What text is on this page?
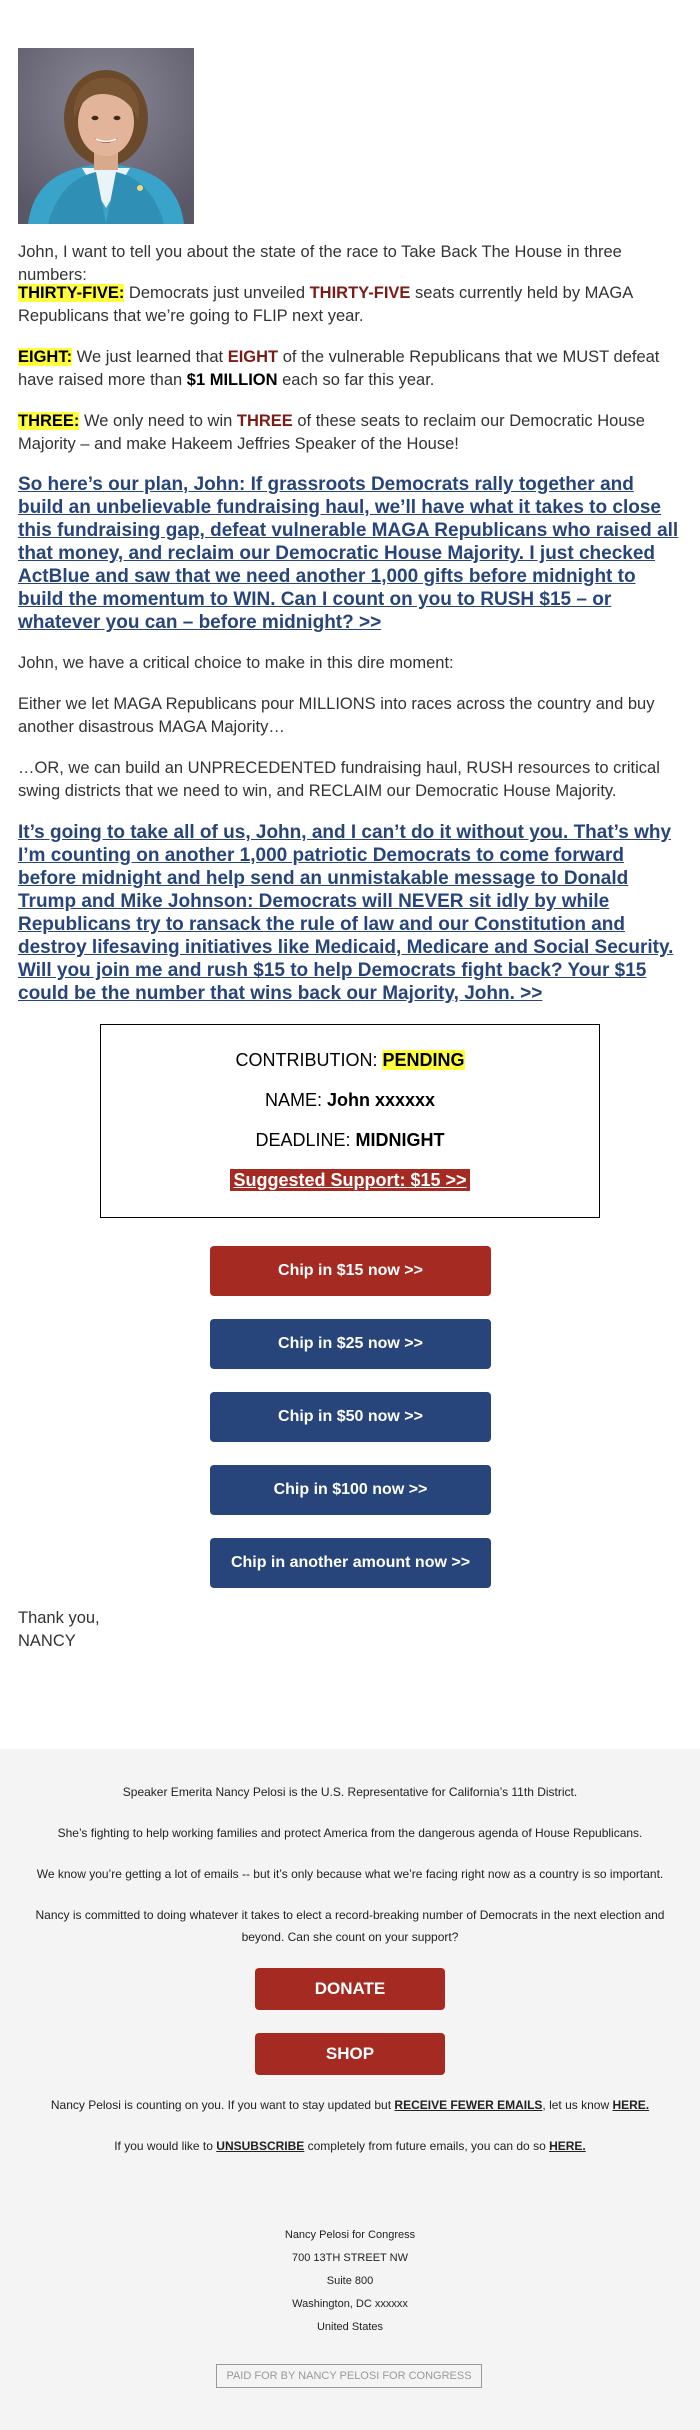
John, I want to tell you about the state of the race to Take Back The House in three numbers:

THIRTY-FIVE: Democrats just unveiled THIRTY-FIVE seats currently held by MAGA Republicans that we’re going to FLIP next year.

EIGHT: We just learned that EIGHT of the vulnerable Republicans that we MUST defeat have raised more than $1 MILLION each so far this year.

THREE: We only need to win THREE of these seats to reclaim our Democratic House Majority – and make Hakeem Jeffries Speaker of the House!

So here’s our plan, John: If grassroots Democrats rally together and build an unbelievable fundraising haul, we’ll have what it takes to close this fundraising gap, defeat vulnerable MAGA Republicans who raised all that money, and reclaim our Democratic House Majority. I just checked ActBlue and saw that we need another 1,000 gifts before midnight to build the momentum to WIN. Can I count on you to RUSH $15 – or whatever you can – before midnight? >>

John, we have a critical choice to make in this dire moment:

Either we let MAGA Republicans pour MILLIONS into races across the country and buy another disastrous MAGA Majority…

…OR, we can build an UNPRECEDENTED fundraising haul, RUSH resources to critical swing districts that we need to win, and RECLAIM our Democratic House Majority.

It’s going to take all of us, John, and I can’t do it without you. That’s why I’m counting on another 1,000 patriotic Democrats to come forward before midnight and help send an unmistakable message to Donald Trump and Mike Johnson: Democrats will NEVER sit idly by while Republicans try to ransack the rule of law and our Constitution and destroy lifesaving initiatives like Medicaid, Medicare and Social Security. Will you join me and rush $15 to help Democrats fight back? Your $15 could be the number that wins back our Majority, John. >>

CONTRIBUTION: PENDING
NAME: John xxxxxx
DEADLINE: MIDNIGHT
Suggested Support: $15 >>
Chip in $15 now >>
Chip in $25 now >>
Chip in $50 now >>
Chip in $100 now >>
Chip in another amount now >>

Thank you,

NANCY

Speaker Emerita Nancy Pelosi is the U.S. Representative for California’s 11th District.

She’s fighting to help working families and protect America from the dangerous agenda of House Republicans.

We know you’re getting a lot of emails -- but it’s only because what we’re facing right now as a country is so important.

Nancy is committed to doing whatever it takes to elect a record-breaking number of Democrats in the next election and beyond. Can she count on your support?

DONATE
SHOP

Nancy Pelosi is counting on you. If you want to stay updated but RECEIVE FEWER EMAILS, let us know HERE.

If you would like to UNSUBSCRIBE completely from future emails, you can do so HERE.

Nancy Pelosi for Congress
700 13TH STREET NW
Suite 800
Washington, DC xxxxxx
United States
PAID FOR BY NANCY PELOSI FOR CONGRESS
